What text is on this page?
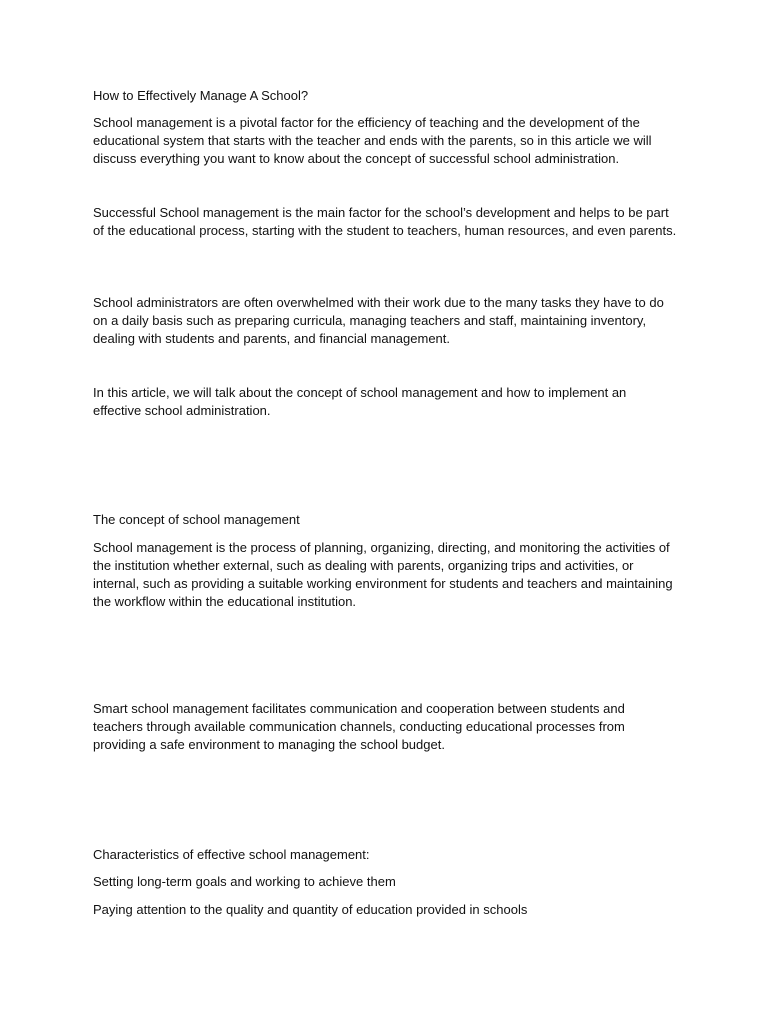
How to Effectively Manage A School?

School management is a pivotal factor for the efficiency of teaching and the development of the educational system that starts with the teacher and ends with the parents, so in this article we will discuss everything you want to know about the concept of successful school administration.

Successful School management is the main factor for the school’s development and helps to be part of the educational process, starting with the student to teachers, human resources, and even parents.

School administrators are often overwhelmed with their work due to the many tasks they have to do on a daily basis such as preparing curricula, managing teachers and staff, maintaining inventory, dealing with students and parents, and financial management.

In this article, we will talk about the concept of school management and how to implement an effective school administration.

The concept of school management

School management is the process of planning, organizing, directing, and monitoring the activities of the institution whether external, such as dealing with parents, organizing trips and activities, or internal, such as providing a suitable working environment for students and teachers and maintaining the workflow within the educational institution.

Smart school management facilitates communication and cooperation between students and teachers through available communication channels, conducting educational processes from providing a safe environment to managing the school budget.

Characteristics of effective school management:

Setting long-term goals and working to achieve them

Paying attention to the quality and quantity of education provided in schools
